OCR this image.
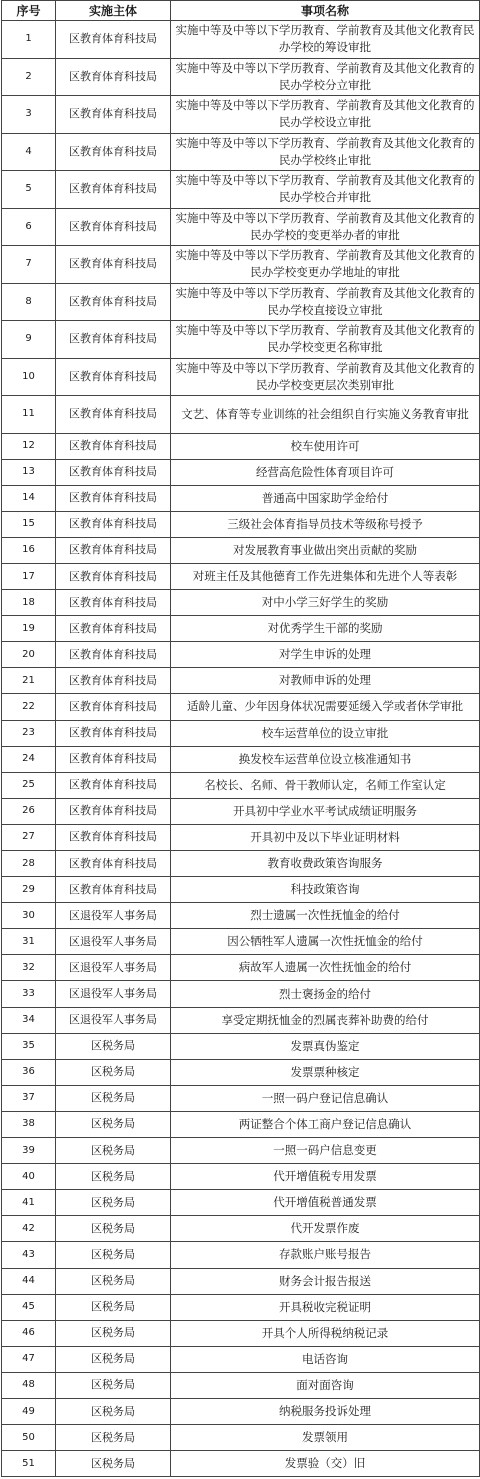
序号	实施主体	事项名称
1	区教育体育科技局	实施中等及中等以下学历教育、学前教育及其他文化教育民办学校的筹设审批
2	区教育体育科技局	实施中等及中等以下学历教育、学前教育及其他文化教育的民办学校分立审批
3	区教育体育科技局	实施中等及中等以下学历教育、学前教育及其他文化教育的民办学校设立审批
4	区教育体育科技局	实施中等及中等以下学历教育、学前教育及其他文化教育的民办学校终止审批
5	区教育体育科技局	实施中等及中等以下学历教育、学前教育及其他文化教育的民办学校合并审批
6	区教育体育科技局	实施中等及中等以下学历教育、学前教育及其他文化教育的民办学校的变更举办者的审批
7	区教育体育科技局	实施中等及中等以下学历教育、学前教育及其他文化教育的民办学校变更办学地址的审批
8	区教育体育科技局	实施中等及中等以下学历教育、学前教育及其他文化教育的民办学校直接设立审批
9	区教育体育科技局	实施中等及中等以下学历教育、学前教育及其他文化教育的民办学校变更名称审批
10	区教育体育科技局	实施中等及中等以下学历教育、学前教育及其他文化教育的民办学校变更层次类别审批
11	区教育体育科技局	文艺、体育等专业训练的社会组织自行实施义务教育审批
12	区教育体育科技局	校车使用许可
13	区教育体育科技局	经营高危险性体育项目许可
14	区教育体育科技局	普通高中国家助学金给付
15	区教育体育科技局	三级社会体育指导员技术等级称号授予
16	区教育体育科技局	对发展教育事业做出突出贡献的奖励
17	区教育体育科技局	对班主任及其他德育工作先进集体和先进个人等表彰
18	区教育体育科技局	对中小学三好学生的奖励
19	区教育体育科技局	对优秀学生干部的奖励
20	区教育体育科技局	对学生申诉的处理
21	区教育体育科技局	对教师申诉的处理
22	区教育体育科技局	适龄儿童、少年因身体状况需要延缓入学或者休学审批
23	区教育体育科技局	校车运营单位的设立审批
24	区教育体育科技局	换发校车运营单位设立核准通知书
25	区教育体育科技局	名校长、名师、骨干教师认定，名师工作室认定
26	区教育体育科技局	开具初中学业水平考试成绩证明服务
27	区教育体育科技局	开具初中及以下毕业证明材料
28	区教育体育科技局	教育收费政策咨询服务
29	区教育体育科技局	科技政策咨询
30	区退役军人事务局	烈士遗属一次性抚恤金的给付
31	区退役军人事务局	因公牺牲军人遗属一次性抚恤金的给付
32	区退役军人事务局	病故军人遗属一次性抚恤金的给付
33	区退役军人事务局	烈士褒扬金的给付
34	区退役军人事务局	享受定期抚恤金的烈属丧葬补助费的给付
35	区税务局	发票真伪鉴定
36	区税务局	发票票种核定
37	区税务局	一照一码户登记信息确认
38	区税务局	两证整合个体工商户登记信息确认
39	区税务局	一照一码户信息变更
40	区税务局	代开增值税专用发票
41	区税务局	代开增值税普通发票
42	区税务局	代开发票作废
43	区税务局	存款账户账号报告
44	区税务局	财务会计报告报送
45	区税务局	开具税收完税证明
46	区税务局	开具个人所得税纳税记录
47	区税务局	电话咨询
48	区税务局	面对面咨询
49	区税务局	纳税服务投诉处理
50	区税务局	发票领用
51	区税务局	发票验（交）旧
